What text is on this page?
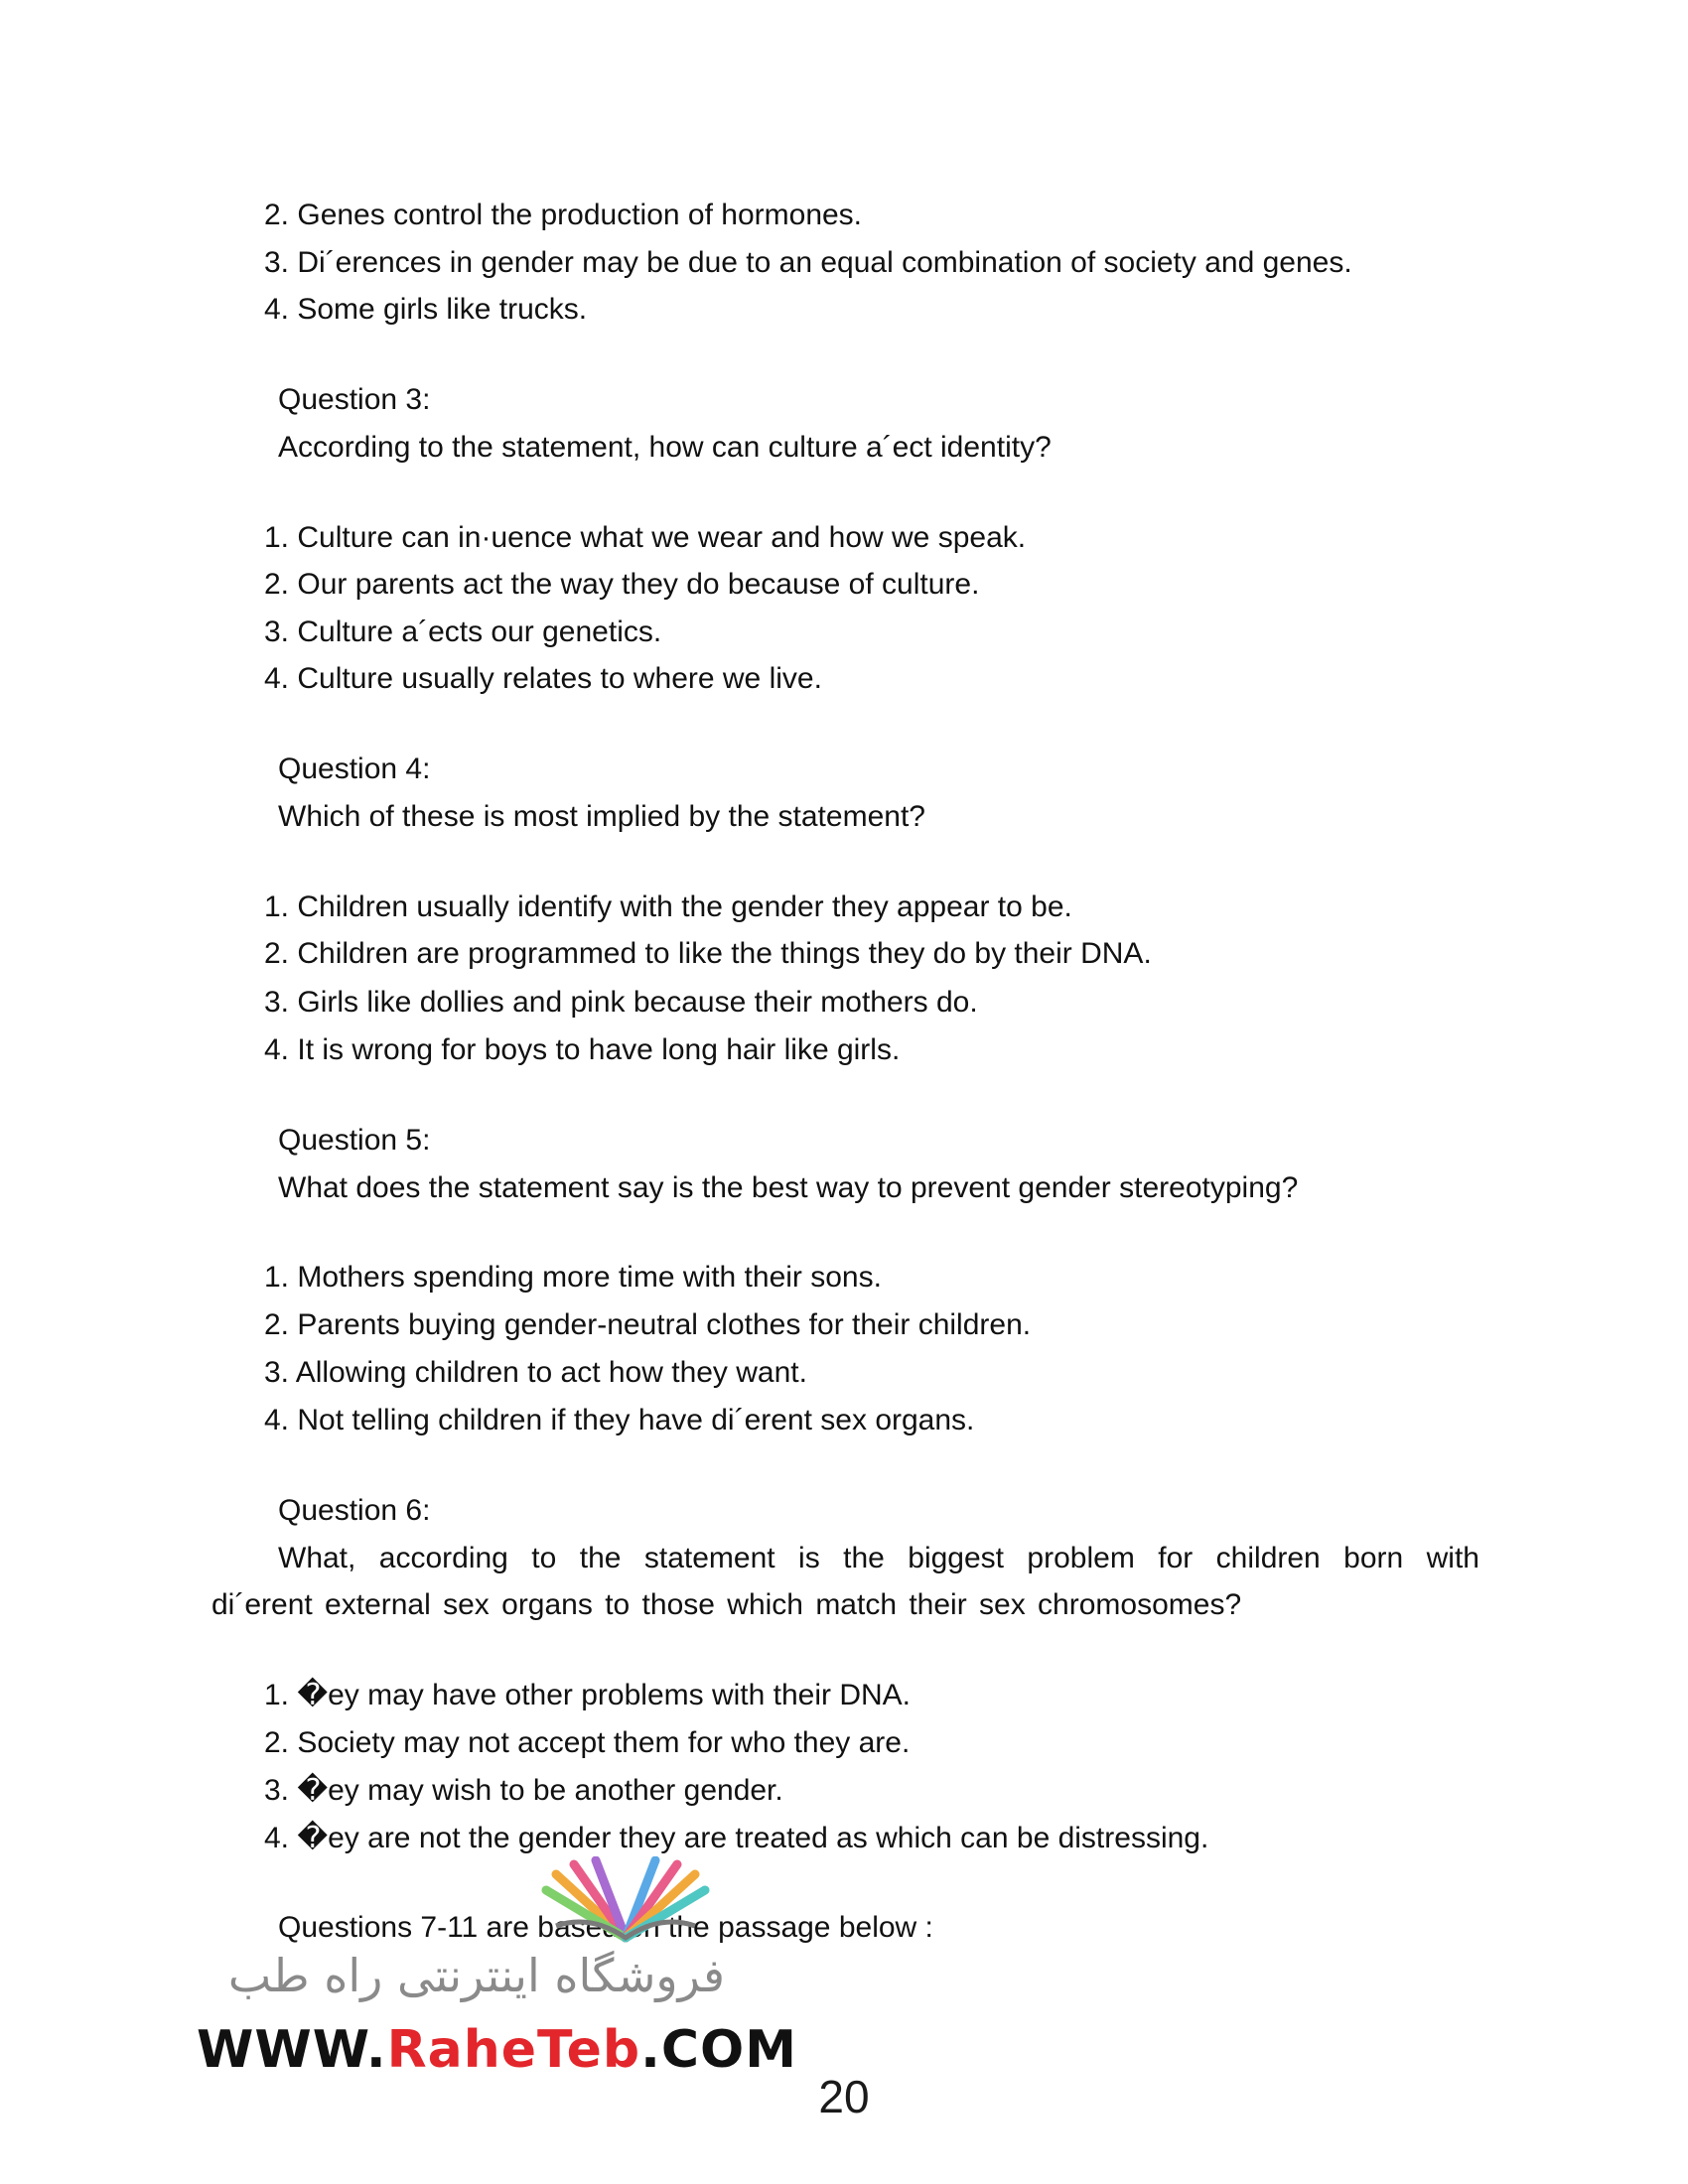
2. Genes control the production of hormones.
3. Di´erences in gender may be due to an equal combination of society and genes.
4. Some girls like trucks.
Question 3:
According to the statement, how can culture a´ect identity?
1. Culture can in·uence what we wear and how we speak.
2. Our parents act the way they do because of culture.
3. Culture a´ects our genetics.
4. Culture usually relates to where we live.
Question 4:
Which of these is most implied by the statement?
1. Children usually identify with the gender they appear to be.
2. Children are programmed to like the things they do by their DNA.
3. Girls like dollies and pink because their mothers do.
4. It is wrong for boys to have long hair like girls.
Question 5:
What does the statement say is the best way to prevent gender stereotyping?
1. Mothers spending more time with their sons.
2. Parents buying gender-neutral clothes for their children.
3. Allowing children to act how they want.
4. Not telling children if they have di´erent sex organs.
Question 6:
What, according to the statement is the biggest problem for children born with
di´erent external sex organs to those which match their sex chromosomes?
1. �ey may have other problems with their DNA.
2. Society may not accept them for who they are.
3. �ey may wish to be another gender.
4. �ey are not the gender they are treated as which can be distressing.
Questions 7-11 are based on the passage below :
فروشگاه اینترنتی راه طب
WWW.RaheTeb.COM
20
